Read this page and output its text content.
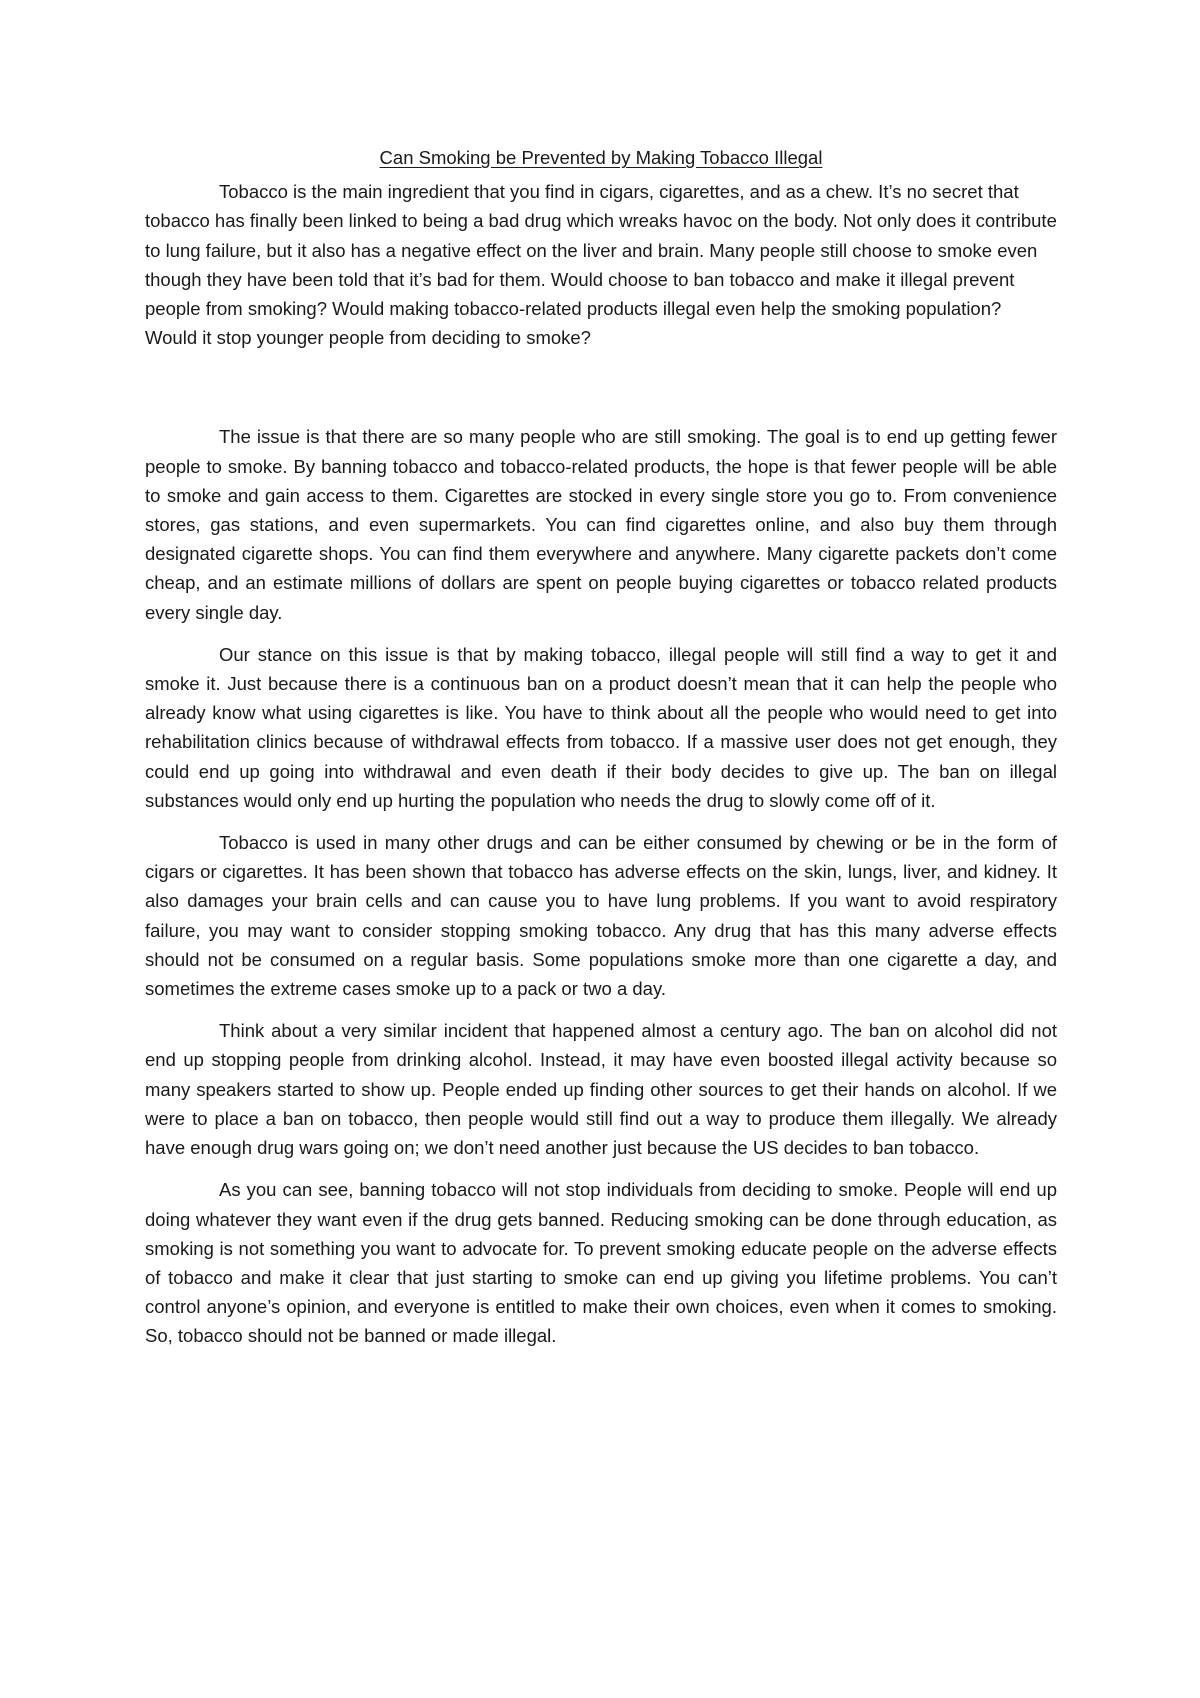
Can Smoking be Prevented by Making Tobacco Illegal

Tobacco is the main ingredient that you find in cigars, cigarettes, and as a chew. It’s no secret that tobacco has finally been linked to being a bad drug which wreaks havoc on the body. Not only does it contribute to lung failure, but it also has a negative effect on the liver and brain. Many people still choose to smoke even though they have been told that it’s bad for them. Would choose to ban tobacco and make it illegal prevent people from smoking? Would making tobacco-related products illegal even help the smoking population? Would it stop younger people from deciding to smoke?

The issue is that there are so many people who are still smoking. The goal is to end up getting fewer people to smoke. By banning tobacco and tobacco-related products, the hope is that fewer people will be able to smoke and gain access to them. Cigarettes are stocked in every single store you go to. From convenience stores, gas stations, and even supermarkets. You can find cigarettes online, and also buy them through designated cigarette shops. You can find them everywhere and anywhere. Many cigarette packets don’t come cheap, and an estimate millions of dollars are spent on people buying cigarettes or tobacco related products every single day.

Our stance on this issue is that by making tobacco, illegal people will still find a way to get it and smoke it. Just because there is a continuous ban on a product doesn’t mean that it can help the people who already know what using cigarettes is like. You have to think about all the people who would need to get into rehabilitation clinics because of withdrawal effects from tobacco. If a massive user does not get enough, they could end up going into withdrawal and even death if their body decides to give up. The ban on illegal substances would only end up hurting the population who needs the drug to slowly come off of it.

Tobacco is used in many other drugs and can be either consumed by chewing or be in the form of cigars or cigarettes. It has been shown that tobacco has adverse effects on the skin, lungs, liver, and kidney. It also damages your brain cells and can cause you to have lung problems. If you want to avoid respiratory failure, you may want to consider stopping smoking tobacco. Any drug that has this many adverse effects should not be consumed on a regular basis. Some populations smoke more than one cigarette a day, and sometimes the extreme cases smoke up to a pack or two a day.

Think about a very similar incident that happened almost a century ago. The ban on alcohol did not end up stopping people from drinking alcohol. Instead, it may have even boosted illegal activity because so many speakers started to show up. People ended up finding other sources to get their hands on alcohol. If we were to place a ban on tobacco, then people would still find out a way to produce them illegally. We already have enough drug wars going on; we don’t need another just because the US decides to ban tobacco.

As you can see, banning tobacco will not stop individuals from deciding to smoke. People will end up doing whatever they want even if the drug gets banned. Reducing smoking can be done through education, as smoking is not something you want to advocate for. To prevent smoking educate people on the adverse effects of tobacco and make it clear that just starting to smoke can end up giving you lifetime problems. You can’t control anyone’s opinion, and everyone is entitled to make their own choices, even when it comes to smoking. So, tobacco should not be banned or made illegal.
